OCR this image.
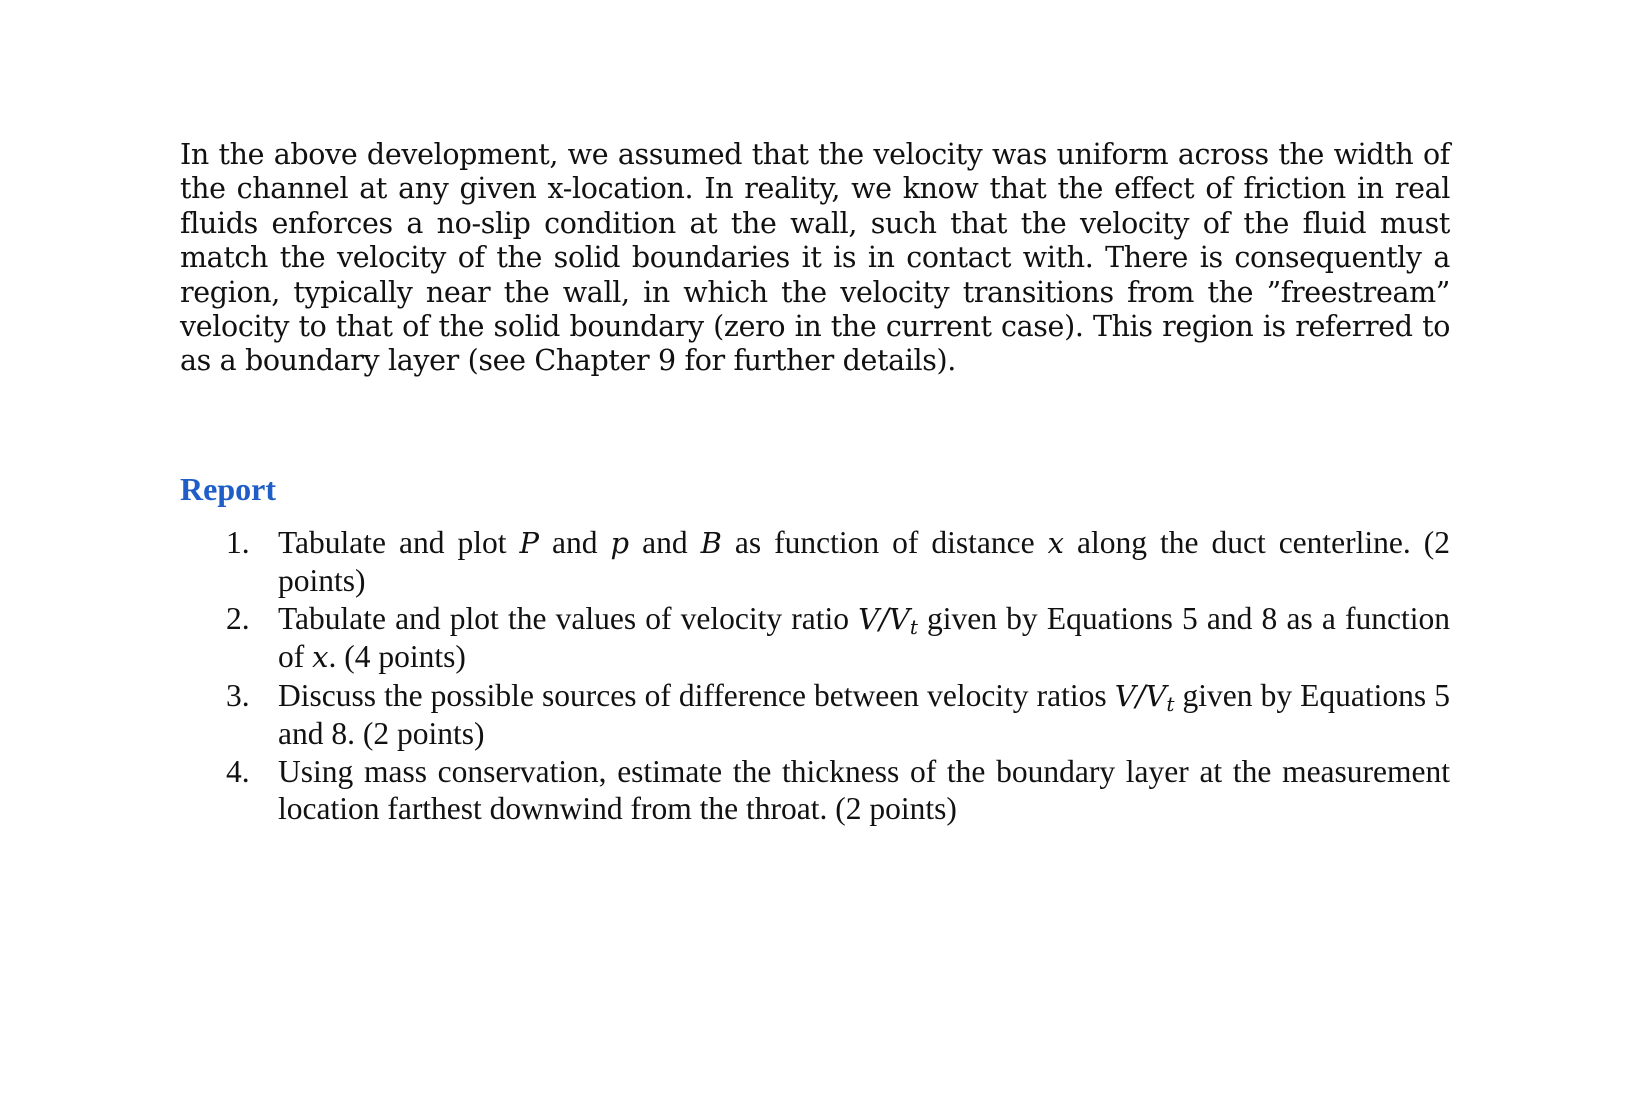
In the above development, we assumed that the velocity was uniform across the width of the channel at any given x-location. In reality, we know that the effect of friction in real fluids enforces a no-slip condition at the wall, such that the velocity of the fluid must match the velocity of the solid boundaries it is in contact with. There is consequently a region, typically near the wall, in which the velocity transitions from the ”freestream” velocity to that of the solid boundary (zero in the current case). This region is referred to as a boundary layer (see Chapter 9 for further details).

Report
1. Tabulate and plot P and p and B as function of distance x along the duct centerline. (2 points)
2. Tabulate and plot the values of velocity ratio $V/V_t$ given by Equations 5 and 8 as a function of x. (4 points)
3. Discuss the possible sources of difference between velocity ratios $V/V_t$ given by Equations 5 and 8. (2 points)
4. Using mass conservation, estimate the thickness of the boundary layer at the measurement location farthest downwind from the throat. (2 points)
